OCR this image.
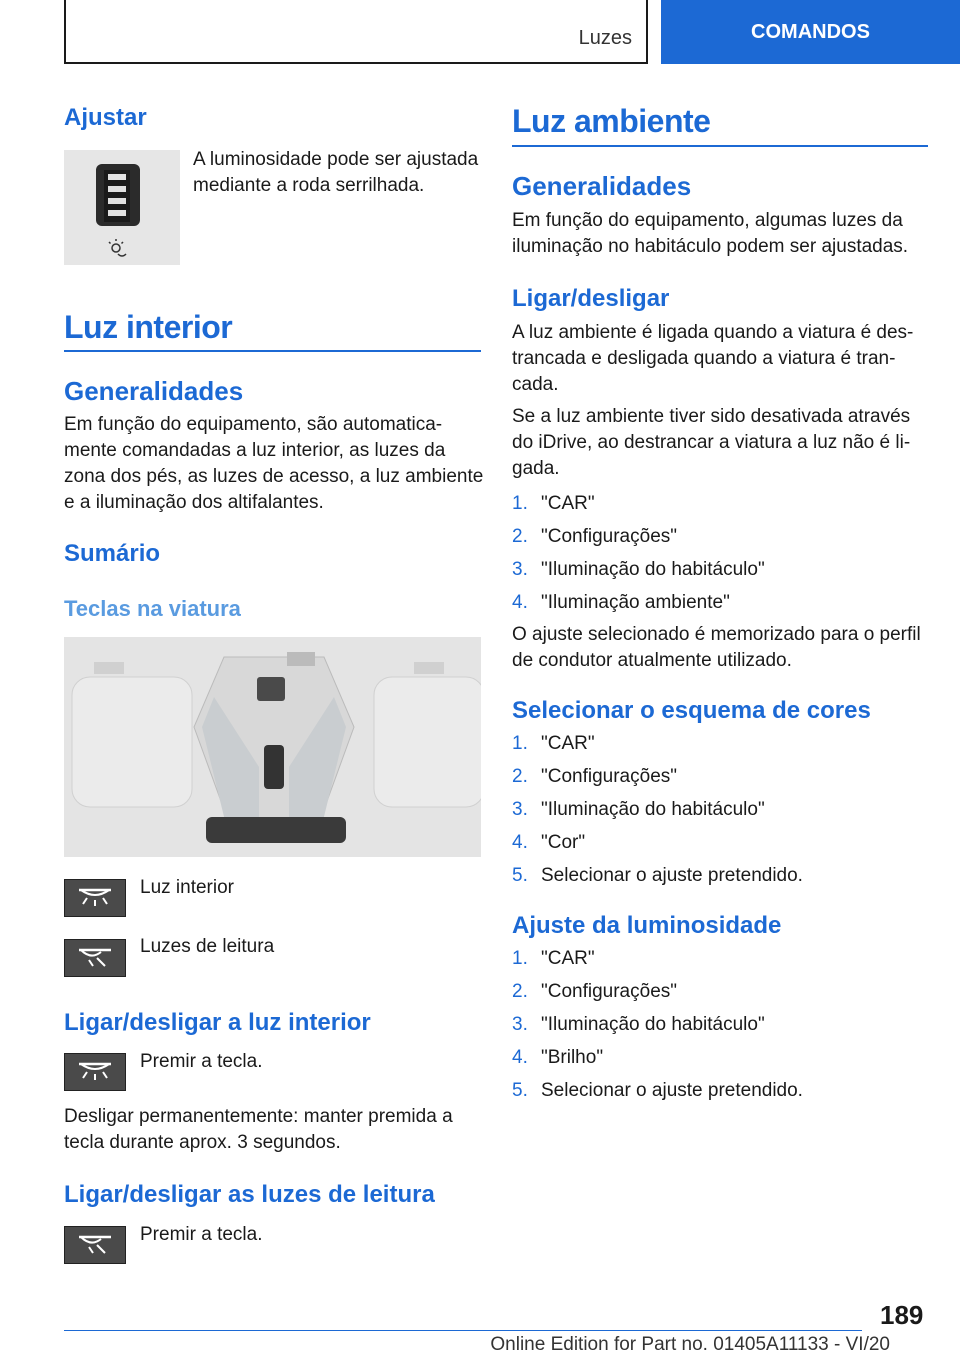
Luzes	COMANDOS
Ajustar
A luminosidade pode ser ajustada mediante a roda serrilhada.
Luz interior
Generalidades
Em função do equipamento, são automatica-mente comandadas a luz interior, as luzes da zona dos pés, as luzes de acesso, a luz ambiente e a iluminação dos altifalantes.
Sumário
Teclas na viatura
Luz interior
Luzes de leitura
Ligar/desligar a luz interior
Premir a tecla.
Desligar permanentemente: manter premida a tecla durante aprox. 3 segundos.
Ligar/desligar as luzes de leitura
Premir a tecla.
Luz ambiente
Generalidades
Em função do equipamento, algumas luzes da iluminação no habitáculo podem ser ajustadas.
Ligar/desligar
A luz ambiente é ligada quando a viatura é des-trancada e desligada quando a viatura é tran-cada.
Se a luz ambiente tiver sido desativada através do iDrive, ao destrancar a viatura a luz não é li-gada.
1. "CAR"
2. "Configurações"
3. "Iluminação do habitáculo"
4. "Iluminação ambiente"
O ajuste selecionado é memorizado para o perfil de condutor atualmente utilizado.
Selecionar o esquema de cores
1. "CAR"
2. "Configurações"
3. "Iluminação do habitáculo"
4. "Cor"
5. Selecionar o ajuste pretendido.
Ajuste da luminosidade
1. "CAR"
2. "Configurações"
3. "Iluminação do habitáculo"
4. "Brilho"
5. Selecionar o ajuste pretendido.
189
Online Edition for Part no. 01405A11133 - VI/20
